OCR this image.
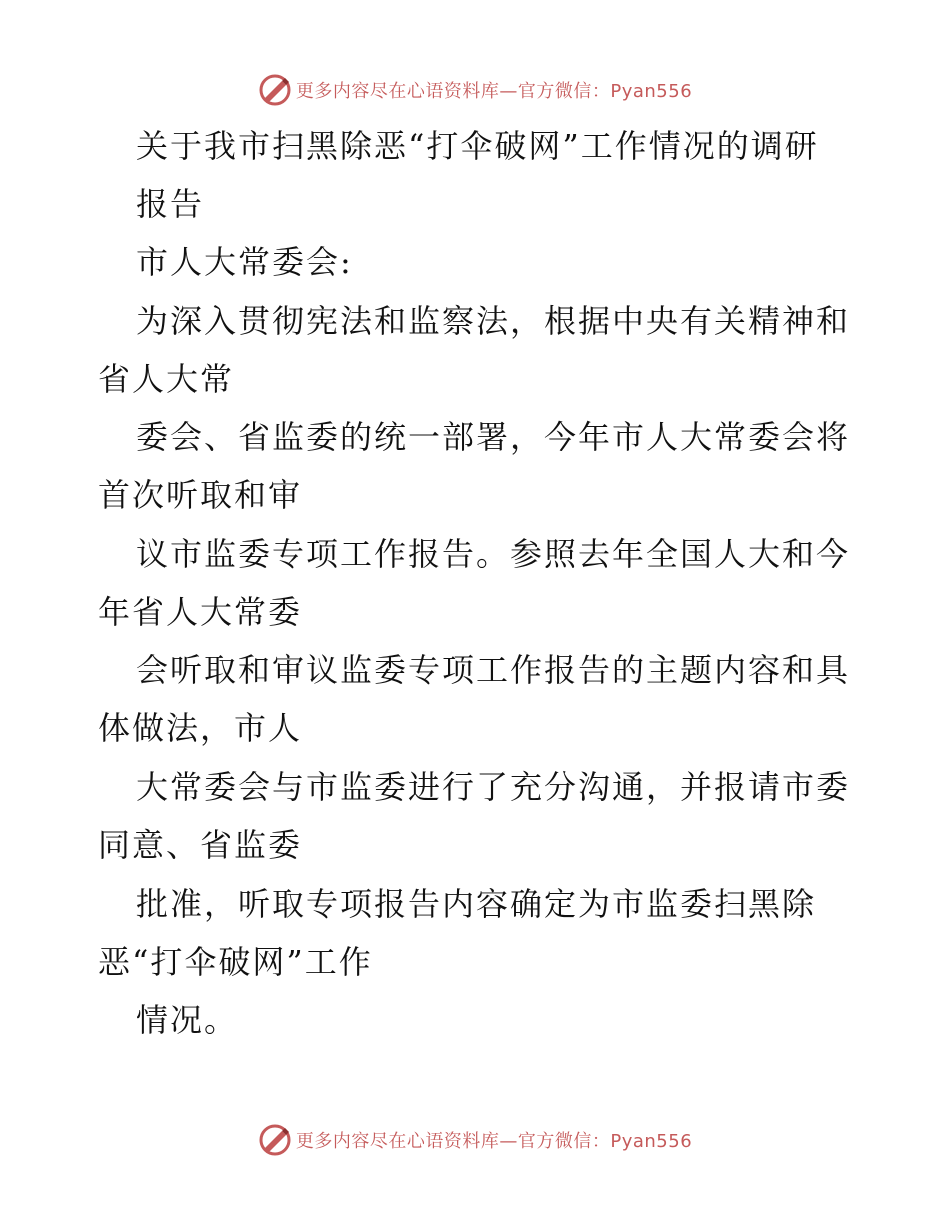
更多内容尽在心语资料库—官方微信：Pyan556
关于我市扫黑除恶“打伞破网”工作情况的调研
报告
市人大常委会:
为深入贯彻宪法和监察法，根据中央有关精神和
省人大常
委会、省监委的统一部署，今年市人大常委会将
首次听取和审
议市监委专项工作报告。参照去年全国人大和今
年省人大常委
会听取和审议监委专项工作报告的主题内容和具
体做法，市人
大常委会与市监委进行了充分沟通，并报请市委
同意、省监委
批准，听取专项报告内容确定为市监委扫黑除
恶“打伞破网”工作
情况。
更多内容尽在心语资料库—官方微信：Pyan556
